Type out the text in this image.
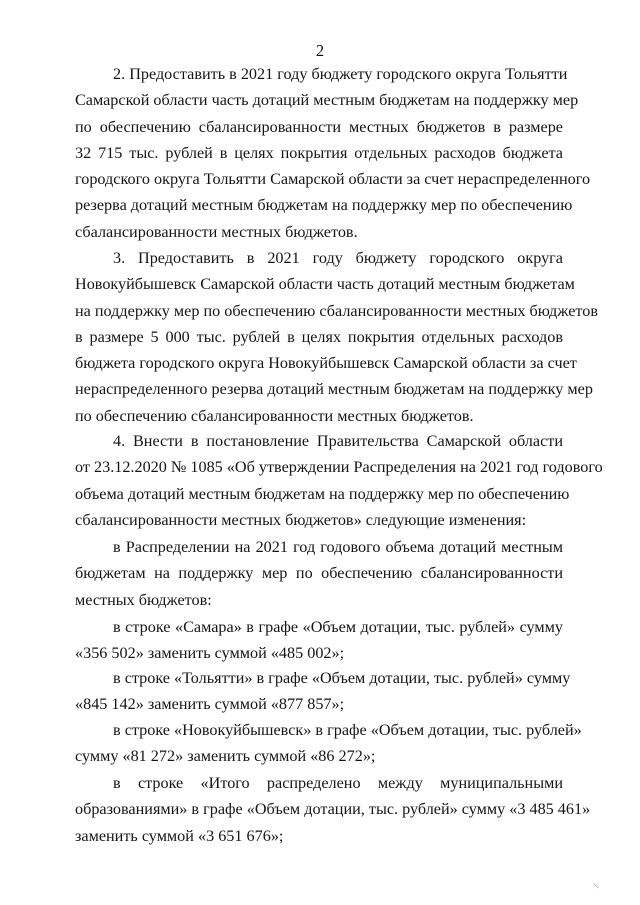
2
2. Предоставить в 2021 году бюджету городского округа Тольятти
Самарской области часть дотаций местным бюджетам на поддержку мер
по обеспечению сбалансированности местных бюджетов в размере
32 715 тыс. рублей в целях покрытия отдельных расходов бюджета
городского округа Тольятти Самарской области за счет нераспределенного
резерва дотаций местным бюджетам на поддержку мер по обеспечению
сбалансированности местных бюджетов.
3. Предоставить в 2021 году бюджету городского округа
Новокуйбышевск Самарской области часть дотаций местным бюджетам
на поддержку мер по обеспечению сбалансированности местных бюджетов
в размере 5 000 тыс. рублей в целях покрытия отдельных расходов
бюджета городского округа Новокуйбышевск Самарской области за счет
нераспределенного резерва дотаций местным бюджетам на поддержку мер
по обеспечению сбалансированности местных бюджетов.
4. Внести в постановление Правительства Самарской области
от 23.12.2020 № 1085 «Об утверждении Распределения на 2021 год годового
объема дотаций местным бюджетам на поддержку мер по обеспечению
сбалансированности местных бюджетов» следующие изменения:
в Распределении на 2021 год годового объема дотаций местным
бюджетам на поддержку мер по обеспечению сбалансированности
местных бюджетов:
в строке «Самара» в графе «Объем дотации, тыс. рублей» сумму
«356 502» заменить суммой «485 002»;
в строке «Тольятти» в графе «Объем дотации, тыс. рублей» сумму
«845 142» заменить суммой «877 857»;
в строке «Новокуйбышевск» в графе «Объем дотации, тыс. рублей»
сумму «81 272» заменить суммой «86 272»;
в строке «Итого распределено между муниципальными
образованиями» в графе «Объем дотации, тыс. рублей» сумму «3 485 461»
заменить суммой «3 651 676»;
\
